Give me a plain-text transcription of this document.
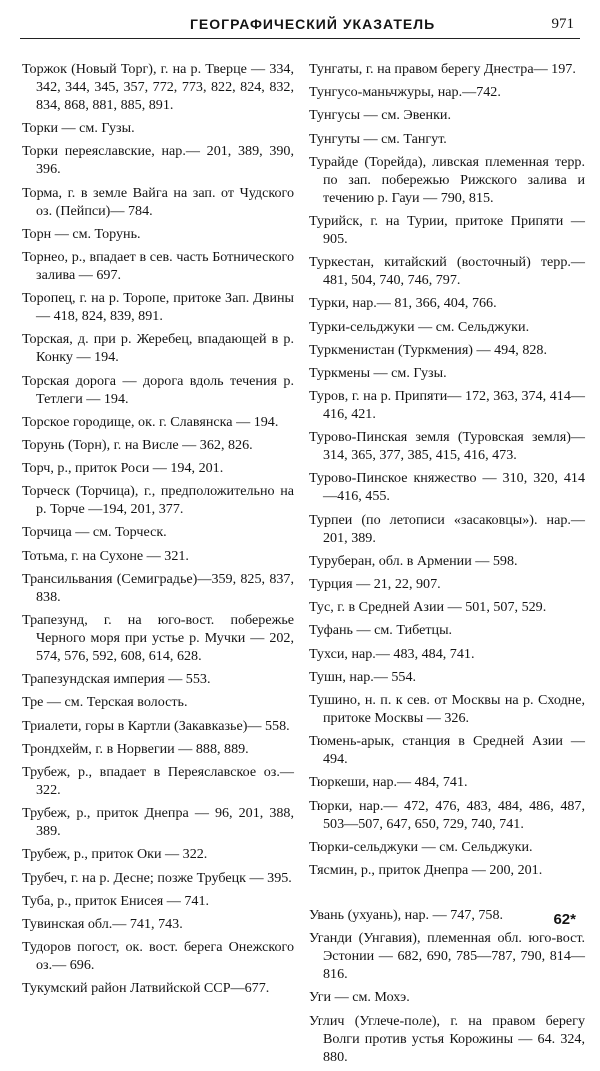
ГЕОГРАФИЧЕСКИЙ УКАЗАТЕЛЬ	971

Торжок (Новый Торг), г. на р. Тверце — 334, 342, 344, 345, 357, 772, 773, 822, 824, 832, 834, 868, 881, 885, 891.

Торки — см. Гузы.

Торки переяславские, нар.— 201, 389, 390, 396.

Торма, г. в земле Вайга на зап. от Чудского оз. (Пейпси)— 784.

Торн — см. Торунь.

Торнео, р., впадает в сев. часть Ботнического залива — 697.

Торопец, г. на р. Торопе, притоке Зап. Двины — 418, 824, 839, 891.

Торская, д. при р. Жеребец, впадающей в р. Конку — 194.

Торская дорога — дорога вдоль течения р. Тетлеги — 194.

Торское городище, ок. г. Славянска — 194.

Торунь (Торн), г. на Висле — 362, 826.

Торч, р., приток Роси — 194, 201.

Торческ (Торчица), г., предположительно на р. Торче —194, 201, 377.

Торчица — см. Торческ.

Тотьма, г. на Сухоне — 321.

Трансильвания (Семиградье)—359, 825, 837, 838.

Трапезунд, г. на юго-вост. побережье Черного моря при устье р. Мучки — 202, 574, 576, 592, 608, 614, 628.

Трапезундская империя — 553.

Тре — см. Терская волость.

Триалети, горы в Картли (Закавказье)— 558.

Трондхейм, г. в Норвегии — 888, 889.

Трубеж, р., впадает в Переяславское оз.— 322.

Трубеж, р., приток Днепра — 96, 201, 388, 389.

Трубеж, р., приток Оки — 322.

Трубеч, г. на р. Десне; позже Трубецк — 395.

Туба, р., приток Енисея — 741.

Тувинская обл.— 741, 743.

Тудоров погост, ок. вост. берега Онежского оз.— 696.

Тукумский район Латвийской ССР—677.

Тунгаты, г. на правом берегу Днестра— 197.

Тунгусо-маньчжуры, нар.—742.

Тунгусы — см. Эвенки.

Тунгуты — см. Тангут.

Турайде (Торейда), ливская племенная терр. по зап. побережью Рижского залива и течению р. Гауи — 790, 815.

Турийск, г. на Турии, притоке Припяти — 905.

Туркестан, китайский (восточный) терр.— 481, 504, 740, 746, 797.

Турки, нар.— 81, 366, 404, 766.

Турки-сельджуки — см. Сельджуки.

Туркменистан (Туркмения) — 494, 828.

Туркмены — см. Гузы.

Туров, г. на р. Припяти— 172, 363, 374, 414—416, 421.

Турово-Пинская земля (Туровская земля)—314, 365, 377, 385, 415, 416, 473.

Турово-Пинское княжество — 310, 320, 414—416, 455.

Турпеи (по летописи «засаковцы»). нар.— 201, 389.

Туруберан, обл. в Армении — 598.

Турция — 21, 22, 907.

Тус, г. в Средней Азии — 501, 507, 529.

Туфань — см. Тибетцы.

Тухси, нар.— 483, 484, 741.

Тушн, нар.— 554.

Тушино, н. п. к сев. от Москвы на р. Сходне, притоке Москвы — 326.

Тюмень-арык, станция в Средней Азии — 494.

Тюркеши, нар.— 484, 741.

Тюрки, нар.— 472, 476, 483, 484, 486, 487, 503—507, 647, 650, 729, 740, 741.

Тюрки-сельджуки — см. Сельджуки.

Тясмин, р., приток Днепра — 200, 201.

Увань (ухуань), нар. — 747, 758.

Уганди (Унгавия), племенная обл. юго-вост. Эстонии — 682, 690, 785—787, 790, 814—816.

Уги — см. Мохэ.

Углич (Углече-поле), г. на правом берегу Волги против устья Корожины — 64. 324, 880.

62*
